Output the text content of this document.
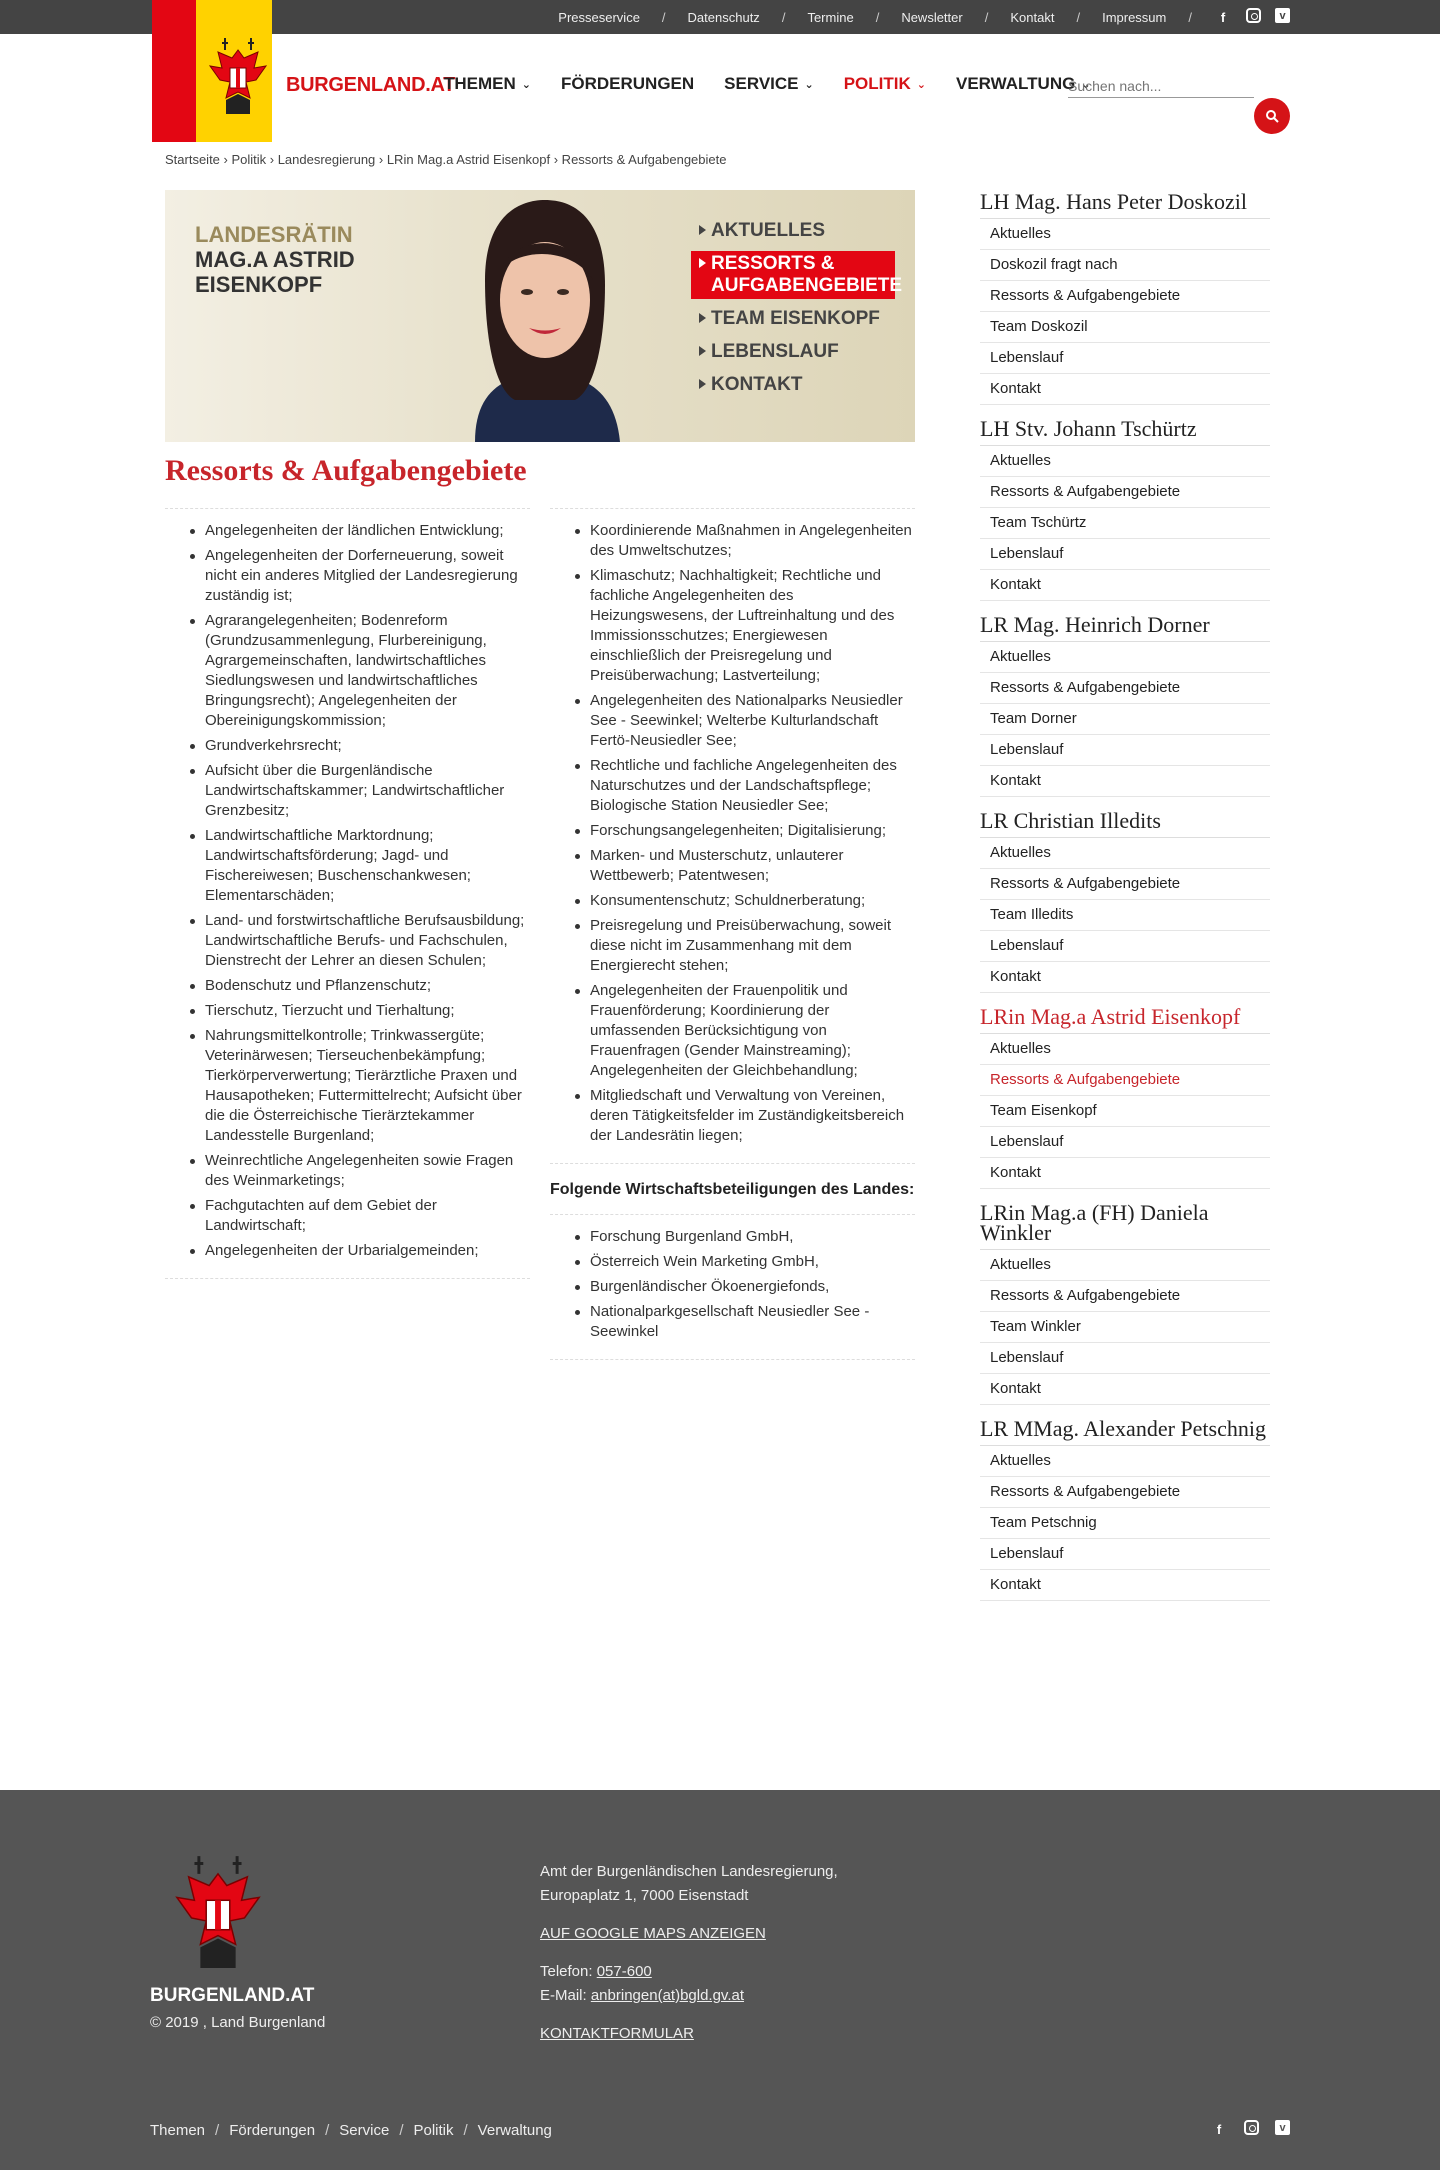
Presseservice / Datenschutz / Termine / Newsletter / Kontakt / Impressum /	f	v
BURGENLAND.AT
THEMEN ⌄ FÖRDERUNGEN SERVICE ⌄ POLITIK ⌄ VERWALTUNG ⌄
Suchen nach...
Startseite › Politik › Landesregierung › LRin Mag.a Astrid Eisenkopf › Ressorts & Aufgabengebiete
LANDESRÄTIN
MAG.A ASTRID
EISENKOPF
AKTUELLES
RESSORTS & AUFGABENGEBIETE
TEAM EISENKOPF
LEBENSLAUF
KONTAKT
Ressorts & Aufgabengebiete
Angelegenheiten der ländlichen Entwicklung;
Angelegenheiten der Dorferneuerung, soweit nicht ein anderes Mitglied der Landesregierung zuständig ist;
Agrarangelegenheiten; Bodenreform (Grundzusammenlegung, Flurbereinigung, Agrargemeinschaften, landwirtschaftliches Siedlungswesen und landwirtschaftliches Bringungsrecht); Angelegenheiten der Obereinigungskommission;
Grundverkehrsrecht;
Aufsicht über die Burgenländische Landwirtschaftskammer; Landwirtschaftlicher Grenzbesitz;
Landwirtschaftliche Marktordnung; Landwirtschaftsförderung; Jagd- und Fischereiwesen; Buschenschankwesen; Elementarschäden;
Land- und forstwirtschaftliche Berufsausbildung; Landwirtschaftliche Berufs- und Fachschulen, Dienstrecht der Lehrer an diesen Schulen;
Bodenschutz und Pflanzenschutz;
Tierschutz, Tierzucht und Tierhaltung;
Nahrungsmittelkontrolle; Trinkwassergüte; Veterinärwesen; Tierseuchenbekämpfung; Tierkörperverwertung; Tierärztliche Praxen und Hausapotheken; Futtermittelrecht; Aufsicht über die die Österreichische Tierärztekammer Landesstelle Burgenland;
Weinrechtliche Angelegenheiten sowie Fragen des Weinmarketings;
Fachgutachten auf dem Gebiet der Landwirtschaft;
Angelegenheiten der Urbarialgemeinden;
Koordinierende Maßnahmen in Angelegenheiten des Umweltschutzes;
Klimaschutz; Nachhaltigkeit; Rechtliche und fachliche Angelegenheiten des Heizungswesens, der Luftreinhaltung und des Immissionsschutzes; Energiewesen einschließlich der Preisregelung und Preisüberwachung; Lastverteilung;
Angelegenheiten des Nationalparks Neusiedler See - Seewinkel; Welterbe Kulturlandschaft Fertö-Neusiedler See;
Rechtliche und fachliche Angelegenheiten des Naturschutzes und der Landschaftspflege; Biologische Station Neusiedler See;
Forschungsangelegenheiten; Digitalisierung;
Marken- und Musterschutz, unlauterer Wettbewerb; Patentwesen;
Konsumentenschutz; Schuldnerberatung;
Preisregelung und Preisüberwachung, soweit diese nicht im Zusammenhang mit dem Energierecht stehen;
Angelegenheiten der Frauenpolitik und Frauenförderung; Koordinierung der umfassenden Berücksichtigung von Frauenfragen (Gender Mainstreaming); Angelegenheiten der Gleichbehandlung;
Mitgliedschaft und Verwaltung von Vereinen, deren Tätigkeitsfelder im Zuständigkeitsbereich der Landesrätin liegen;
Folgende Wirtschaftsbeteiligungen des Landes:
Forschung Burgenland GmbH,
Österreich Wein Marketing GmbH,
Burgenländischer Ökoenergiefonds,
Nationalparkgesellschaft Neusiedler See - Seewinkel
LH Mag. Hans Peter Doskozil
Aktuelles
Doskozil fragt nach
Ressorts & Aufgabengebiete
Team Doskozil
Lebenslauf
Kontakt
LH Stv. Johann Tschürtz
Aktuelles
Ressorts & Aufgabengebiete
Team Tschürtz
Lebenslauf
Kontakt
LR Mag. Heinrich Dorner
Aktuelles
Ressorts & Aufgabengebiete
Team Dorner
Lebenslauf
Kontakt
LR Christian Illedits
Aktuelles
Ressorts & Aufgabengebiete
Team Illedits
Lebenslauf
Kontakt
LRin Mag.a Astrid Eisenkopf
Aktuelles
Ressorts & Aufgabengebiete
Team Eisenkopf
Lebenslauf
Kontakt
LRin Mag.a (FH) Daniela Winkler
Aktuelles
Ressorts & Aufgabengebiete
Team Winkler
Lebenslauf
Kontakt
LR MMag. Alexander Petschnig
Aktuelles
Ressorts & Aufgabengebiete
Team Petschnig
Lebenslauf
Kontakt
BURGENLAND.AT
© 2019 , Land Burgenland
Amt der Burgenländischen Landesregierung,
Europaplatz 1, 7000 Eisenstadt
AUF GOOGLE MAPS ANZEIGEN
Telefon: 057-600
E-Mail: anbringen(at)bgld.gv.at
KONTAKTFORMULAR
Themen / Förderungen / Service / Politik / Verwaltung	f	v
